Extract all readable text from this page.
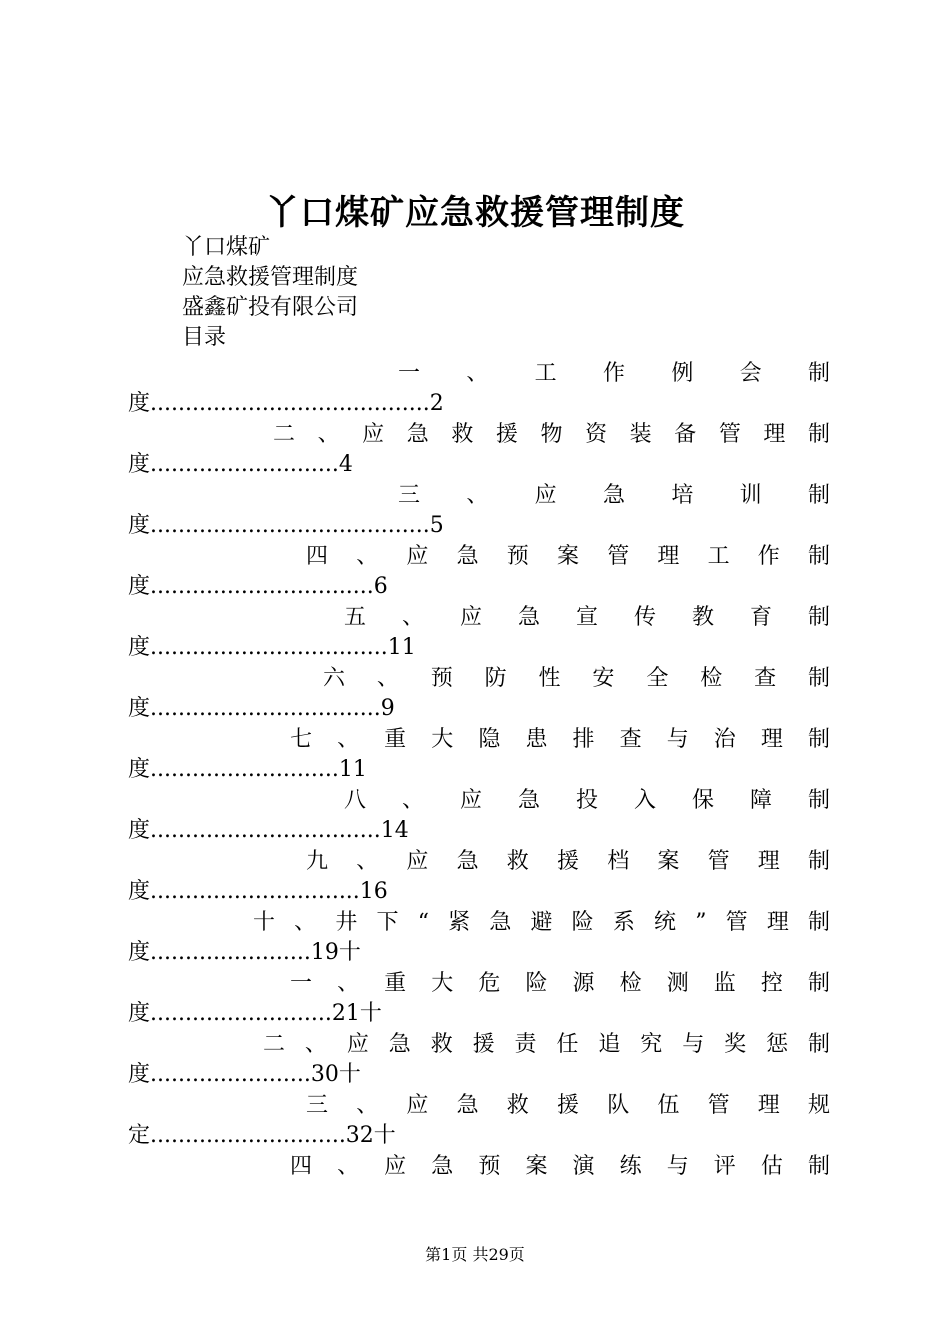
丫口煤矿应急救援管理制度
丫口煤矿
应急救援管理制度
盛鑫矿投有限公司
目录
一、工作例会制
度........................................2
二、应急救援物资装备管理制
度...........................4
三、应急培训制
度........................................5
四、应急预案管理工作制
度................................6
五、应急宣传教育制
度..................................11
六、预防性安全检查制
度.................................9
七、重大隐患排查与治理制
度...........................11
八、应急投入保障制
度.................................14
九、应急救援档案管理制
度..............................16
十、井下“紧急避险系统”管理制
度.......................19十
一、重大危险源检测监控制
度..........................21十
二、应急救援责任追究与奖惩制
度.......................30十
三、应急救援队伍管理规
定............................32十
四、应急预案演练与评估制
第1页 共29页
